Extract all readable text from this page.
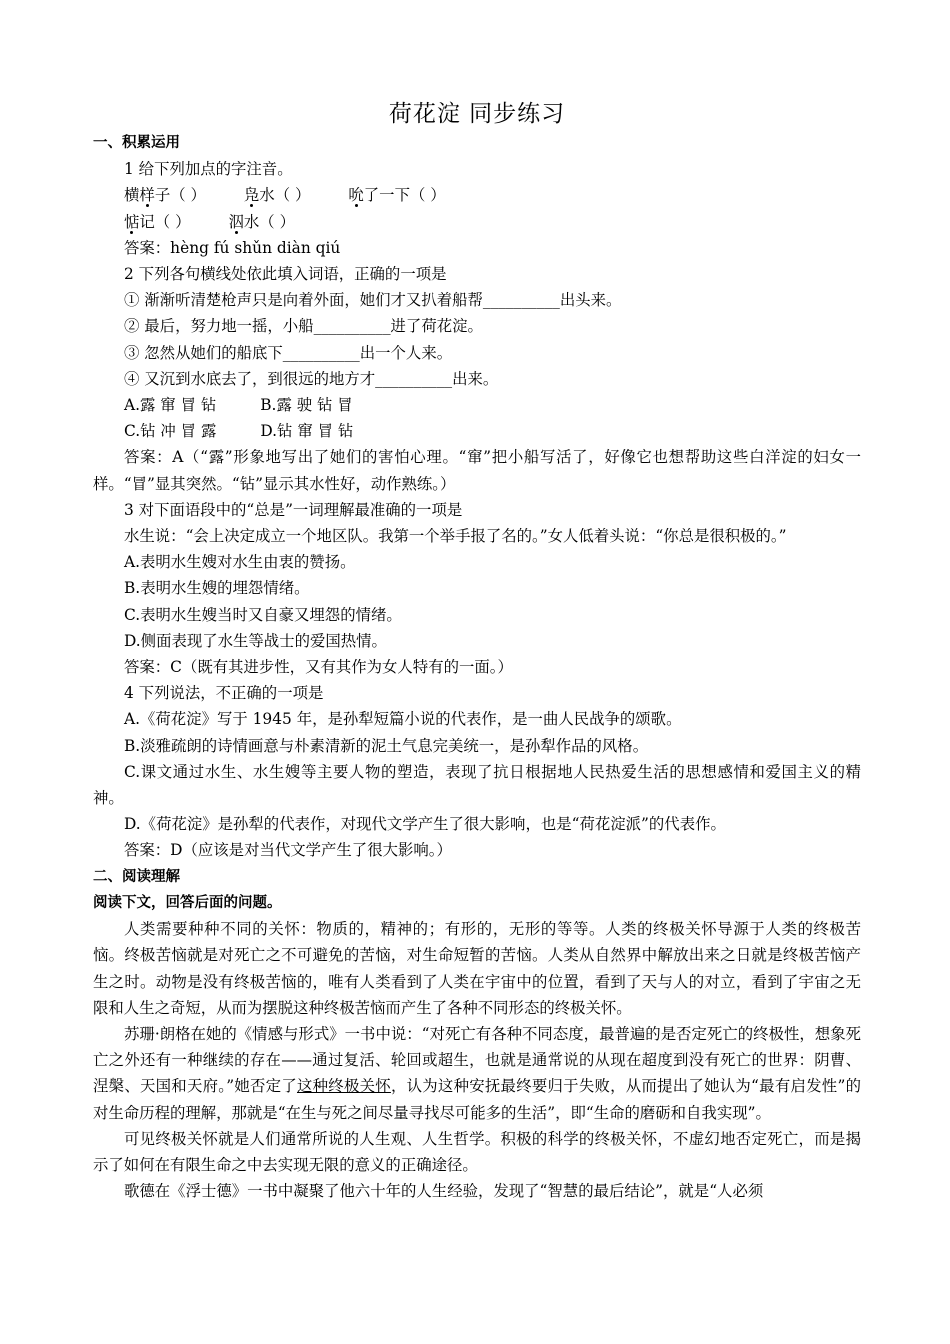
荷花淀 同步练习

一、积累运用

1 给下列加点的字注音。

横样子（ ） 凫水（ ） 吮了一下（ ）

惦记（ ） 泅水（ ）

答案：hèng fú shǔn diàn qiú

2 下列各句横线处依此填入词语，正确的一项是

① 渐渐听清楚枪声只是向着外面，她们才又扒着船帮__________出头来。

② 最后，努力地一摇，小船__________进了荷花淀。

③ 忽然从她们的船底下__________出一个人来。

④ 又沉到水底去了，到很远的地方才__________出来。

A.露 窜 冒 钻	B.露 驶 钻 冒

C.钻 冲 冒 露	D.钻 窜 冒 钻

答案：A（“露”形象地写出了她们的害怕心理。“窜”把小船写活了，好像它也想帮助这些白洋淀的妇女一样。“冒”显其突然。“钻”显示其水性好，动作熟练。）

3 对下面语段中的“总是”一词理解最准确的一项是

水生说：“会上决定成立一个地区队。我第一个举手报了名的。”女人低着头说：“你总是很积极的。”

A.表明水生嫂对水生由衷的赞扬。

B.表明水生嫂的埋怨情绪。

C.表明水生嫂当时又自豪又埋怨的情绪。

D.侧面表现了水生等战士的爱国热情。

答案：C（既有其进步性，又有其作为女人特有的一面。）

4 下列说法，不正确的一项是

A.《荷花淀》写于 1945 年，是孙犁短篇小说的代表作，是一曲人民战争的颂歌。

B.淡雅疏朗的诗情画意与朴素清新的泥土气息完美统一，是孙犁作品的风格。

C.课文通过水生、水生嫂等主要人物的塑造，表现了抗日根据地人民热爱生活的思想感情和爱国主义的精神。

D.《荷花淀》是孙犁的代表作，对现代文学产生了很大影响，也是“荷花淀派”的代表作。

答案：D（应该是对当代文学产生了很大影响。）

二、阅读理解

阅读下文，回答后面的问题。

人类需要种种不同的关怀：物质的，精神的；有形的，无形的等等。人类的终极关怀导源于人类的终极苦恼。终极苦恼就是对死亡之不可避免的苦恼，对生命短暂的苦恼。人类从自然界中解放出来之日就是终极苦恼产生之时。动物是没有终极苦恼的，唯有人类看到了人类在宇宙中的位置，看到了天与人的对立，看到了宇宙之无限和人生之奇短，从而为摆脱这种终极苦恼而产生了各种不同形态的终极关怀。

苏珊·朗格在她的《情感与形式》一书中说：“对死亡有各种不同态度，最普遍的是否定死亡的终极性，想象死亡之外还有一种继续的存在——通过复活、轮回或超生，也就是通常说的从现在超度到没有死亡的世界：阴曹、涅槃、天国和天府。”她否定了这种终极关怀，认为这种安抚最终要归于失败，从而提出了她认为“最有启发性”的对生命历程的理解，那就是“在生与死之间尽量寻找尽可能多的生活”，即“生命的磨砺和自我实现”。

可见终极关怀就是人们通常所说的人生观、人生哲学。积极的科学的终极关怀，不虚幻地否定死亡，而是揭示了如何在有限生命之中去实现无限的意义的正确途径。

歌德在《浮士德》一书中凝聚了他六十年的人生经验，发现了“智慧的最后结论”，就是“人必须
